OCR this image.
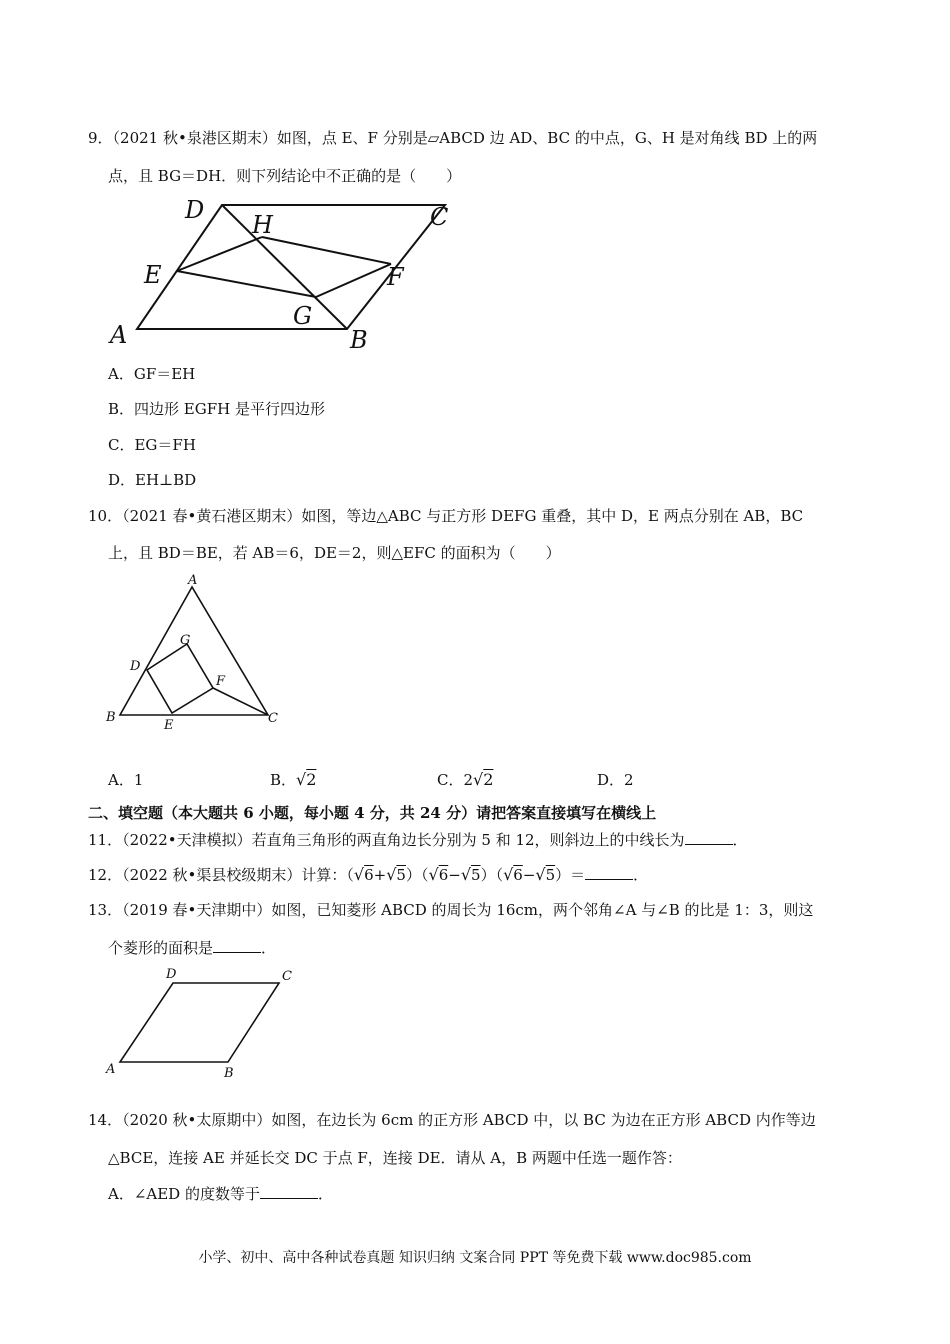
9．（2021 秋•泉港区期末）如图，点 E、F 分别是▱ABCD 边 AD、BC 的中点，G、H 是对角线 BD 上的两
点，且 BG＝DH．则下列结论中不正确的是（　　）
D
H	C
E	F
G
A	B
A．GF＝EH
B．四边形 EGFH 是平行四边形
C．EG＝FH
D．EH⊥BD
10．（2021 春•黄石港区期末）如图，等边△ABC 与正方形 DEFG 重叠，其中 D，E 两点分别在 AB，BC
上，且 BD＝BE，若 AB＝6，DE＝2，则△EFC 的面积为（　　）
A
G
D
F
B
E	C
A．1	B．√2	C．2√2	D．2
二、填空题（本大题共 6 小题，每小题 4 分，共 24 分）请把答案直接填写在横线上
11．（2022•天津模拟）若直角三角形的两直角边长分别为 5 和 12，则斜边上的中线长为	．
12．（2022 秋•渠县校级期末）计算：（√6+√5）（√6−√5）（√6−√5）＝	．
13．（2019 春•天津期中）如图，已知菱形 ABCD 的周长为 16cm，两个邻角∠A 与∠B 的比是 1：3，则这
个菱形的面积是	．
D	C
A	B
14．（2020 秋•太原期中）如图，在边长为 6cm 的正方形 ABCD 中，以 BC 为边在正方形 ABCD 内作等边
△BCE，连接 AE 并延长交 DC 于点 F，连接 DE．请从 A，B 两题中任选一题作答：
A．∠AED 的度数等于	．
小学、初中、高中各种试卷真题 知识归纳 文案合同 PPT 等免费下载 www.doc985.com
